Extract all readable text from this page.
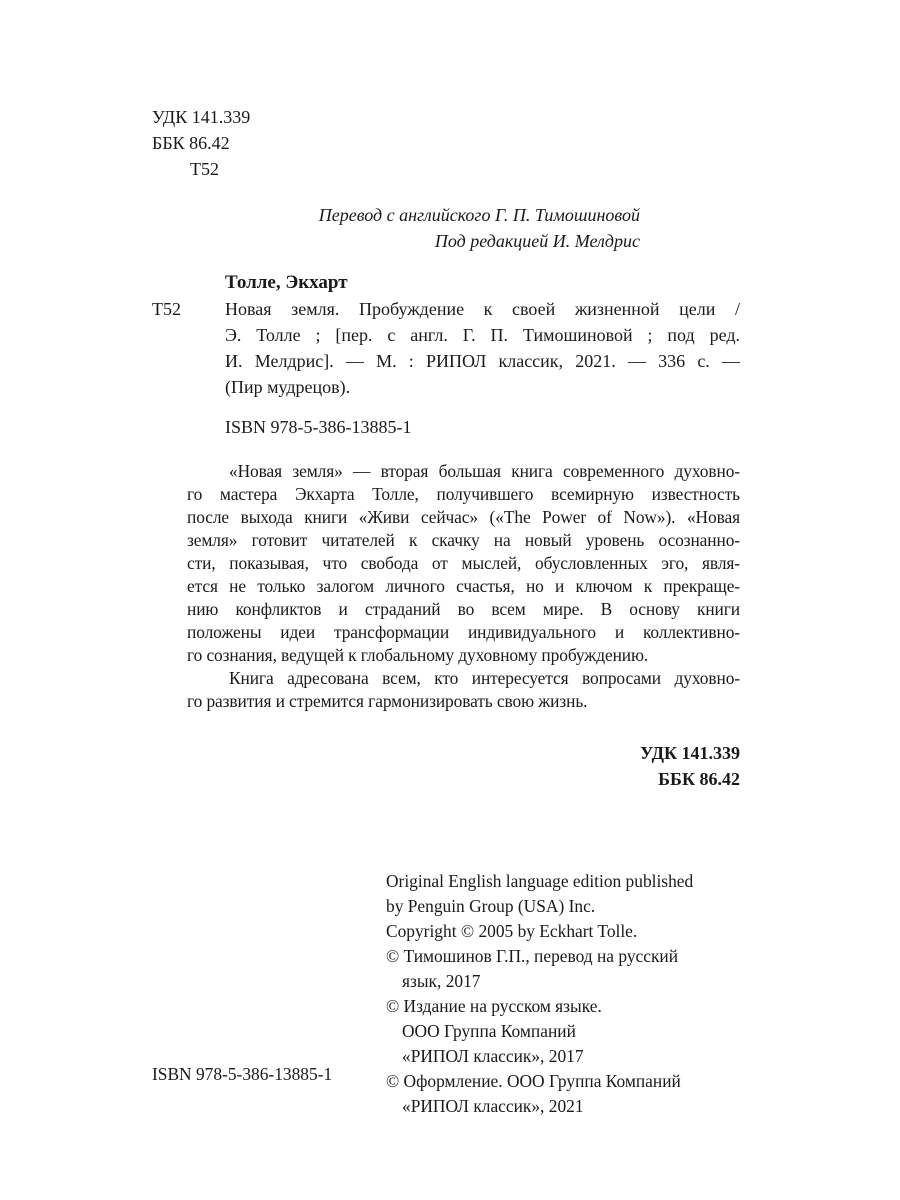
УДК 141.339
ББК 86.42
Т52
Перевод с английского Г. П. Тимошиновой
Под редакцией И. Мелдрис
Толле, Экхарт
Т52 Новая земля. Пробуждение к своей жизненной цели /
Э. Толле ; [пер. с англ. Г. П. Тимошиновой ; под ред.
И. Мелдрис]. — М. : РИПОЛ классик, 2021. — 336 с. —
(Пир мудрецов).
ISBN 978-5-386-13885-1
«Новая земля» — вторая большая книга современного духовно-
го мастера Экхарта Толле, получившего всемирную известность
после выхода книги «Живи сейчас» («The Power of Now»). «Новая
земля» готовит читателей к скачку на новый уровень осознанно-
сти, показывая, что свобода от мыслей, обусловленных эго, явля-
ется не только залогом личного счастья, но и ключом к прекраще-
нию конфликтов и страданий во всем мире. В основу книги
положены идеи трансформации индивидуального и коллективно-
го сознания, ведущей к глобальному духовному пробуждению.
Книга адресована всем, кто интересуется вопросами духовно-
го развития и стремится гармонизировать свою жизнь.
УДК 141.339
ББК 86.42
Original English language edition published
by Penguin Group (USA) Inc.
Copyright © 2005 by Eckhart Tolle.
© Тимошинов Г.П., перевод на русский
язык, 2017
© Издание на русском языке.
ООО Группа Компаний
«РИПОЛ классик», 2017
© Оформление. ООО Группа Компаний
«РИПОЛ классик», 2021
ISBN 978-5-386-13885-1
